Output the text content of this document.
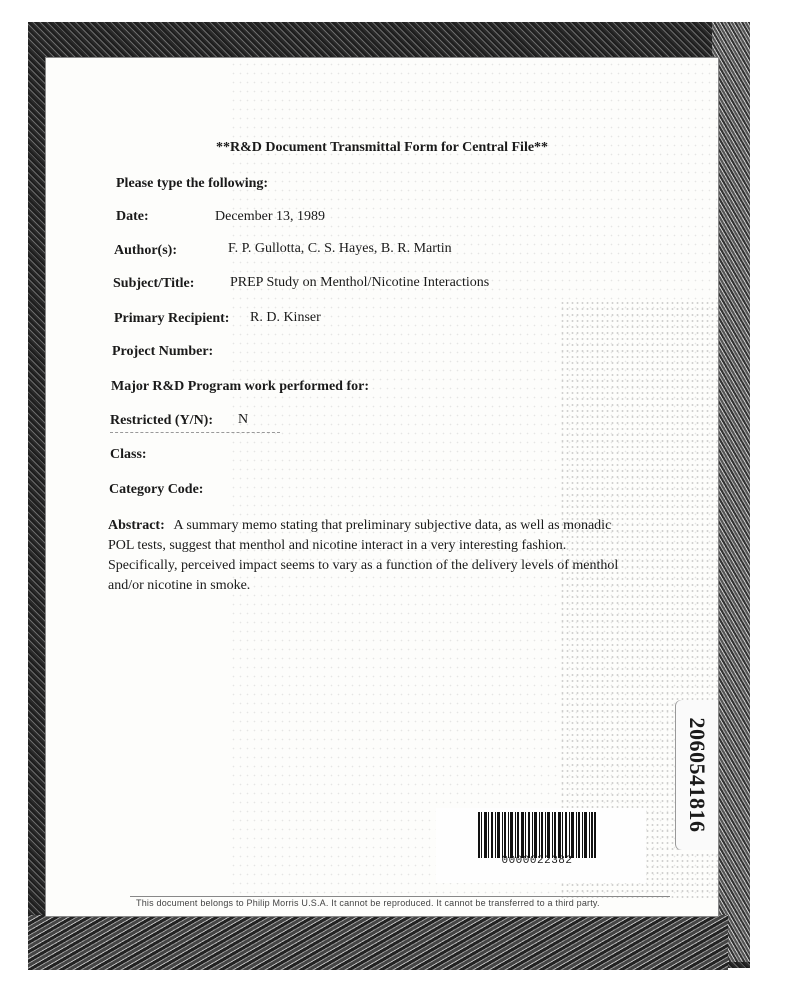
**R&D Document Transmittal Form for Central File**
Please type the following:
Date:	December 13, 1989
Author(s):	F. P. Gullotta, C. S. Hayes, B. R. Martin
Subject/Title:	PREP Study on Menthol/Nicotine Interactions
Primary Recipient: R. D. Kinser
Project Number:
Major R&D Program work performed for:
Restricted (Y/N): N
Class:
Category Code:
Abstract: A summary memo stating that preliminary subjective data, as well as monadic POL tests, suggest that menthol and nicotine interact in a very interesting fashion. Specifically, perceived impact seems to vary as a function of the delivery levels of menthol and/or nicotine in smoke.
2060541816
0000022382
This document belongs to Philip Morris U.S.A. It cannot be reproduced. It cannot be transferred to a third party.
